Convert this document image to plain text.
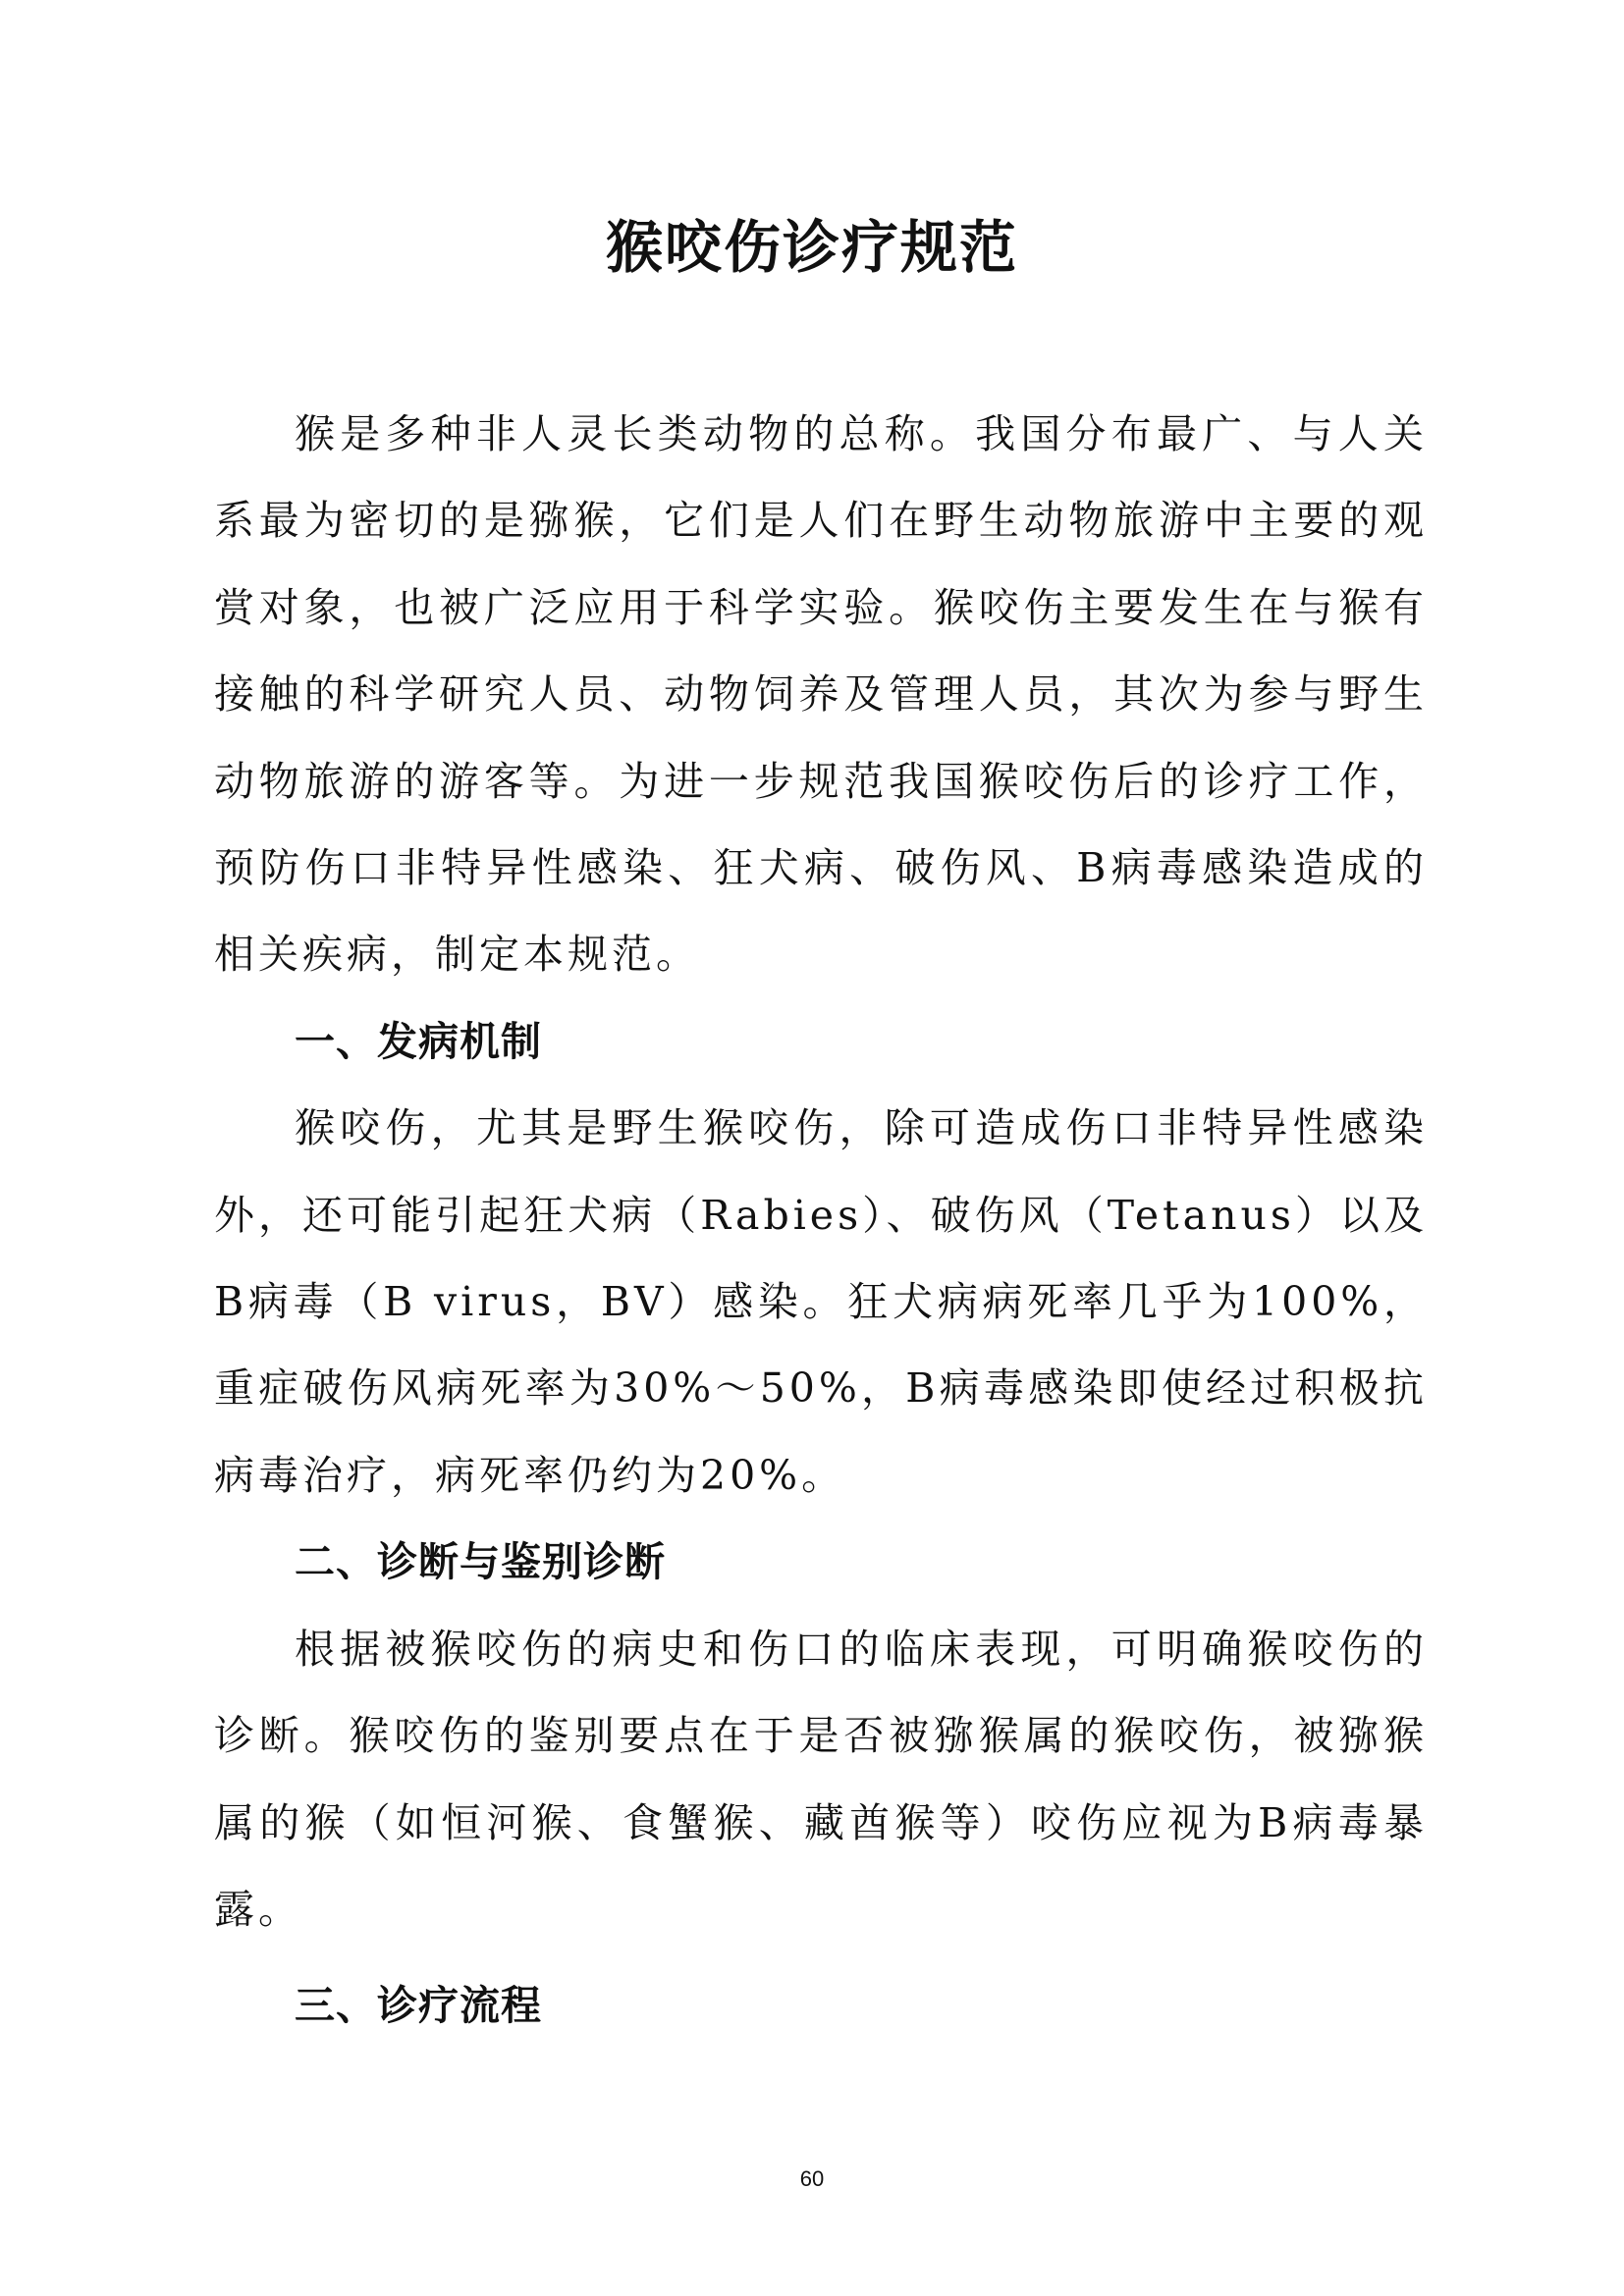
猴咬伤诊疗规范

猴是多种非人灵长类动物的总称。我国分布最广、与人关系最为密切的是猕猴，它们是人们在野生动物旅游中主要的观赏对象，也被广泛应用于科学实验。猴咬伤主要发生在与猴有接触的科学研究人员、动物饲养及管理人员，其次为参与野生动物旅游的游客等。为进一步规范我国猴咬伤后的诊疗工作，预防伤口非特异性感染、狂犬病、破伤风、B病毒感染造成的相关疾病，制定本规范。

一、发病机制

猴咬伤，尤其是野生猴咬伤，除可造成伤口非特异性感染外，还可能引起狂犬病（Rabies）、破伤风（Tetanus）以及B病毒（B virus，BV）感染。狂犬病病死率几乎为100%，重症破伤风病死率为30%～50%，B病毒感染即使经过积极抗病毒治疗，病死率仍约为20%。

二、诊断与鉴别诊断

根据被猴咬伤的病史和伤口的临床表现，可明确猴咬伤的诊断。猴咬伤的鉴别要点在于是否被猕猴属的猴咬伤，被猕猴属的猴（如恒河猴、食蟹猴、藏酋猴等）咬伤应视为B病毒暴露。

三、诊疗流程
60
